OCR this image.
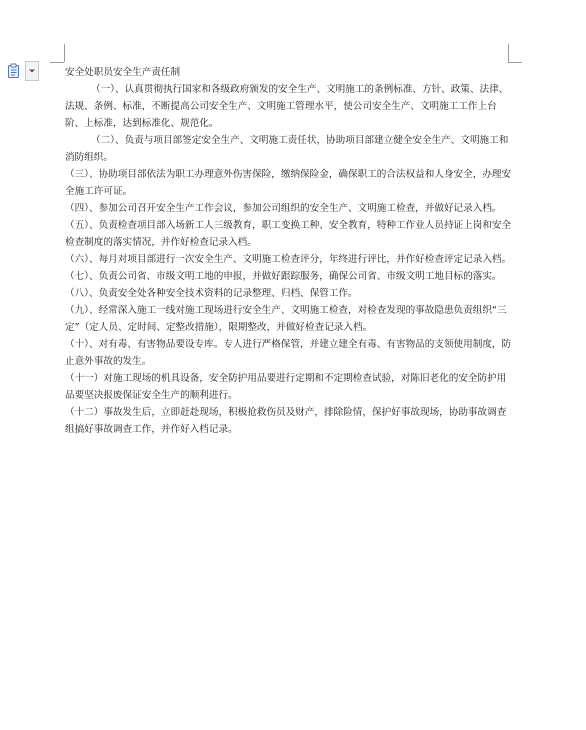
安全处职员安全生产责任制

（一）、认真贯彻执行国家和各级政府颁发的安全生产、文明施工的条例标准、方针、政策、法律、法规、条例、标准，不断提高公司安全生产、文明施工管理水平，使公司安全生产、文明施工工作上台阶、上标准，达到标准化、规范化。

（二）、负责与项目部签定安全生产、文明施工责任状，协助项目部建立健全安全生产、文明施工和消防组织。

（三）、协助项目部依法为职工办理意外伤害保险，缴纳保险金，确保职工的合法权益和人身安全，办理安全施工许可证。

（四）、参加公司召开安全生产工作会议，参加公司组织的安全生产、文明施工检查，并做好记录入档。

（五）、负责检查项目部入场新工人三级教育，职工变换工种、安全教育，特种工作业人员持证上岗和安全检查制度的落实情况，并作好检查记录入档。

（六）、每月对项目部进行一次安全生产、文明施工检查评分，年终进行评比，并作好检查评定记录入档。

（七）、负责公司省、市级文明工地的申报，并做好跟踪服务，确保公司省、市级文明工地目标的落实。

（八）、负责安全处各种安全技术资料的记录整理、归档、保管工作。

（九）、经常深入施工一线对施工现场进行安全生产、文明施工检查，对检查发现的事故隐患负责组织“三定”（定人员、定时间、定整改措施），限期整改，并做好检查记录入档。

（十）、对有毒、有害物品要设专库。专人进行严格保管，并建立建全有毒、有害物品的支领使用制度，防止意外事故的发生。

（十一）对施工现场的机具设备，安全防护用品要进行定期和不定期检查试验，对陈旧老化的安全防护用品要坚决报废保证安全生产的顺利进行。

（十二）事故发生后，立即赶赴现场，积极抢救伤员及财产，排除险情，保护好事故现场，协助事故调查组搞好事故调查工作，并作好入档记录。
